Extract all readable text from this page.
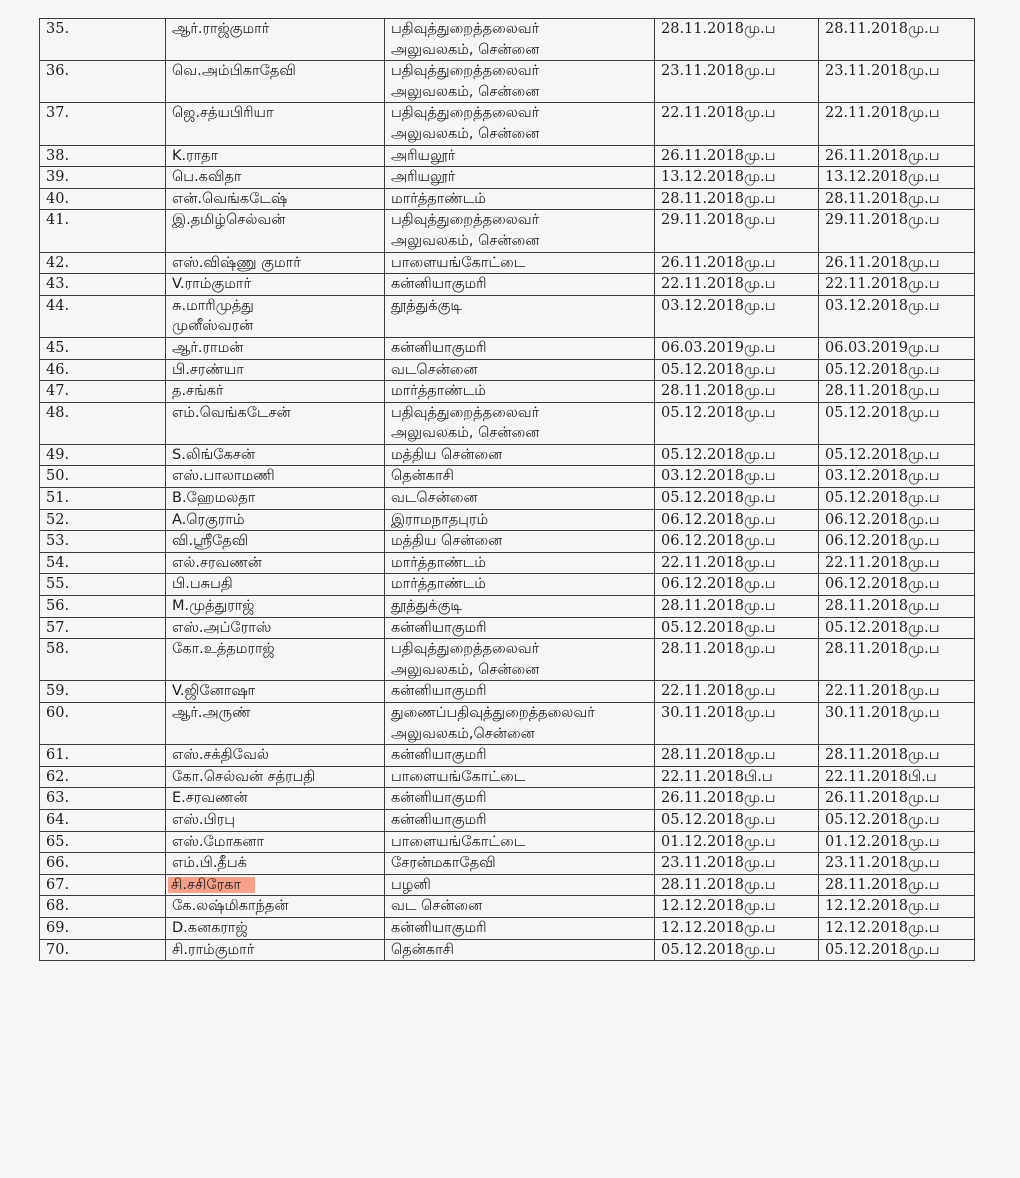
35.	ஆர்.ராஜ்குமார்	பதிவுத்துறைத்தலைவர்
அலுவலகம், சென்னை	28.11.2018மு.ப	28.11.2018மு.ப
36.	வெ.அம்பிகாதேவி	பதிவுத்துறைத்தலைவர்
அலுவலகம், சென்னை	23.11.2018மு.ப	23.11.2018மு.ப
37.	ஜெ.சத்யபிரியா	பதிவுத்துறைத்தலைவர்
அலுவலகம், சென்னை	22.11.2018மு.ப	22.11.2018மு.ப
38.	K.ராதா	அரியலூர்	26.11.2018மு.ப	26.11.2018மு.ப
39.	பெ.கவிதா	அரியலூர்	13.12.2018மு.ப	13.12.2018மு.ப
40.	என்.வெங்கடேஷ்	மார்த்தாண்டம்	28.11.2018மு.ப	28.11.2018மு.ப
41.	இ.தமிழ்செல்வன்	பதிவுத்துறைத்தலைவர்
அலுவலகம், சென்னை	29.11.2018மு.ப	29.11.2018மு.ப
42.	எஸ்.விஷ்ணு குமார்	பாளையங்கோட்டை	26.11.2018மு.ப	26.11.2018மு.ப
43.	V.ராம்குமார்	கன்னியாகுமரி	22.11.2018மு.ப	22.11.2018மு.ப
44.	சு.மாரிமுத்து
முனீஸ்வரன்	தூத்துக்குடி	03.12.2018மு.ப	03.12.2018மு.ப
45.	ஆர்.ராமன்	கன்னியாகுமரி	06.03.2019மு.ப	06.03.2019மு.ப
46.	பி.சரண்யா	வடசென்னை	05.12.2018மு.ப	05.12.2018மு.ப
47.	த.சங்கர்	மார்த்தாண்டம்	28.11.2018மு.ப	28.11.2018மு.ப
48.	எம்.வெங்கடேசன்	பதிவுத்துறைத்தலைவர்
அலுவலகம், சென்னை	05.12.2018மு.ப	05.12.2018மு.ப
49.	S.லிங்கேசன்	மத்திய சென்னை	05.12.2018மு.ப	05.12.2018மு.ப
50.	எஸ்.பாலாமணி	தென்காசி	03.12.2018மு.ப	03.12.2018மு.ப
51.	B.ஹேமலதா	வடசென்னை	05.12.2018மு.ப	05.12.2018மு.ப
52.	A.ரெகுராம்	இராமநாதபுரம்	06.12.2018மு.ப	06.12.2018மு.ப
53.	வி.ஸ்ரீதேவி	மத்திய சென்னை	06.12.2018மு.ப	06.12.2018மு.ப
54.	எல்.சரவணன்	மார்த்தாண்டம்	22.11.2018மு.ப	22.11.2018மு.ப
55.	பி.பசுபதி	மார்த்தாண்டம்	06.12.2018மு.ப	06.12.2018மு.ப
56.	M.முத்துராஜ்	தூத்துக்குடி	28.11.2018மு.ப	28.11.2018மு.ப
57.	எஸ்.அப்ரோஸ்	கன்னியாகுமரி	05.12.2018மு.ப	05.12.2018மு.ப
58.	கோ.உத்தமராஜ்	பதிவுத்துறைத்தலைவர்
அலுவலகம், சென்னை	28.11.2018மு.ப	28.11.2018மு.ப
59.	V.ஜினோஷா	கன்னியாகுமரி	22.11.2018மு.ப	22.11.2018மு.ப
60.	ஆர்.அருண்	துணைப்பதிவுத்துறைத்தலைவர்
அலுவலகம்,சென்னை	30.11.2018மு.ப	30.11.2018மு.ப
61.	எஸ்.சக்திவேல்	கன்னியாகுமரி	28.11.2018மு.ப	28.11.2018மு.ப
62.	கோ.செல்வன் சத்ரபதி	பாளையங்கோட்டை	22.11.2018பி.ப	22.11.2018பி.ப
63.	E.சரவணன்	கன்னியாகுமரி	26.11.2018மு.ப	26.11.2018மு.ப
64.	எஸ்.பிரபு	கன்னியாகுமரி	05.12.2018மு.ப	05.12.2018மு.ப
65.	எஸ்.மோகனா	பாளையங்கோட்டை	01.12.2018மு.ப	01.12.2018மு.ப
66.	எம்.பி.தீபக்	சேரன்மகாதேவி	23.11.2018மு.ப	23.11.2018மு.ப
67.	சி.சசிரேகா	பழனி	28.11.2018மு.ப	28.11.2018மு.ப
68.	கே.லஷ்மிகாந்தன்	வட சென்னை	12.12.2018மு.ப	12.12.2018மு.ப
69.	D.கனகராஜ்	கன்னியாகுமரி	12.12.2018மு.ப	12.12.2018மு.ப
70.	சி.ராம்குமார்	தென்காசி	05.12.2018மு.ப	05.12.2018மு.ப
